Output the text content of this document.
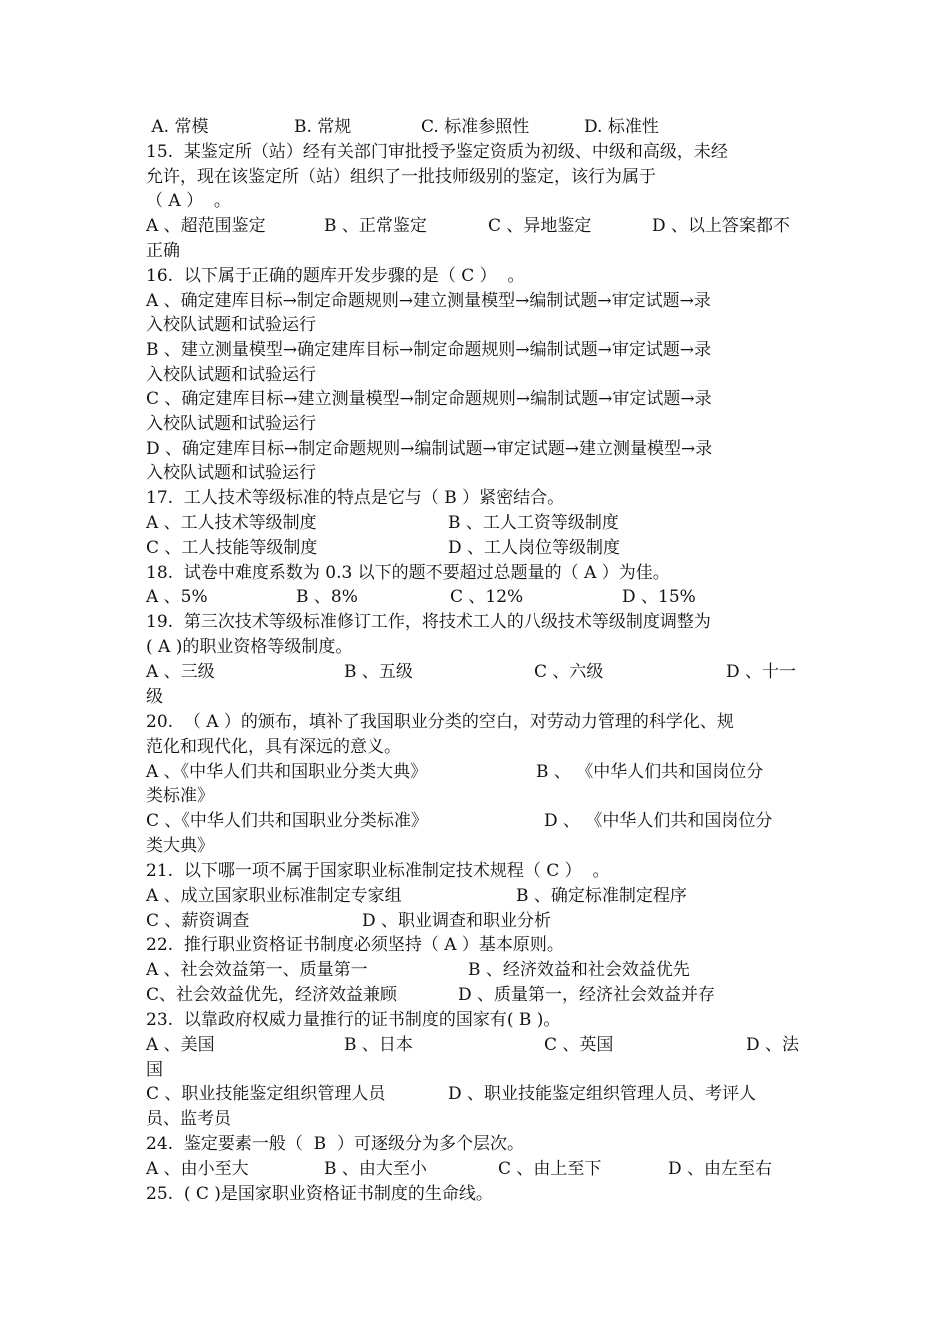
A. 常模

	B. 常规

	C. 标准参照性

	D. 标准性

15.  某鉴定所（站）经有关部门审批授予鉴定资质为初级、中级和高级，未经
允许，现在该鉴定所（站）组织了一批技师级别的鉴定，该行为属于
（ A ）  。

A 、超范围鉴定

	B 、正常鉴定

	C 、异地鉴定

	D 、以上答案都不

正确
16.  以下属于正确的题库开发步骤的是（ C ）  。
A 、确定建库目标→制定命题规则→建立测量模型→编制试题→审定试题→录
入校队试题和试验运行
B 、建立测量模型→确定建库目标→制定命题规则→编制试题→审定试题→录
入校队试题和试验运行
C 、确定建库目标→建立测量模型→制定命题规则→编制试题→审定试题→录
入校队试题和试验运行
D 、确定建库目标→制定命题规则→编制试题→审定试题→建立测量模型→录
入校队试题和试验运行
17.  工人技术等级标准的特点是它与（ B ）紧密结合。

A 、工人技术等级制度

	B 、工人工资等级制度

C 、工人技能等级制度

	D 、工人岗位等级制度

18.  试卷中难度系数为 0.3 以下的题不要超过总题量的（ A ）为佳。

A 、5%

	B 、8%

	C 、12%

	D 、15%

19.  第三次技术等级标准修订工作，将技术工人的八级技术等级制度调整为
( A )的职业资格等级制度。

A 、三级

	B 、五级

	C 、六级

	D 、十一

级
20.  （ A ）的颁布，填补了我国职业分类的空白，对劳动力管理的科学化、规
范化和现代化，具有深远的意义。

A 、《中华人们共和国职业分类大典》

	B 、 《中华人们共和国岗位分

类标准》

C 、《中华人们共和国职业分类标准》

	D 、 《中华人们共和国岗位分

类大典》
21.  以下哪一项不属于国家职业标准制定技术规程（ C ）  。

A 、成立国家职业标准制定专家组

	B 、确定标准制定程序

C 、薪资调查

	D 、职业调查和职业分析

22.  推行职业资格证书制度必须坚持（ A ）基本原则。

A 、社会效益第一、质量第一

	B 、经济效益和社会效益优先

C、社会效益优先，经济效益兼顾

	D 、质量第一，经济社会效益并存

23.  以靠政府权威力量推行的证书制度的国家有( B )。

A 、美国

	B 、日本

	C 、英国

	D 、法

国

C 、职业技能鉴定组织管理人员

	D 、职业技能鉴定组织管理人员、考评人

员、监考员
24.  鉴定要素一般（  B  ）可逐级分为多个层次。

A 、由小至大

	B 、由大至小

	C 、由上至下

	D 、由左至右

25.  ( C )是国家职业资格证书制度的生命线。
